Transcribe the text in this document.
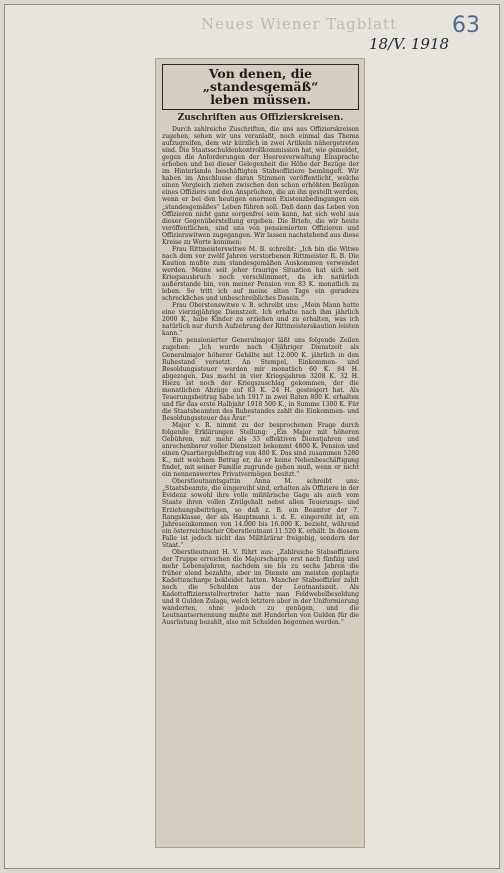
Neues Wiener Tagblatt 63
18/V. 1918
Von denen, die „standesgemäß“
leben müssen.
Zuschriften aus Offizierskreisen.

Durch zahlreiche Zuschriften, die uns aus Offizierskreisen zugehen, sehen wir uns veranlaßt, noch einmal das Thema aufzugreifen, dem wir kürzlich in zwei Artikeln nähergetreten sind. Die Staatsschuldenkontrollkommission hat, wie gemeldet, gegen die Anforderungen der Heeresverwaltung Einsprache erhoben und bei dieser Gelegenheit die Höhe der Bezüge der im Hinterlande beschäftigten Stabsoffiziere bemängelt. Wir haben im Anschlusse daran Stimmen veröffentlicht, welche einen Vergleich ziehen zwischen den schon erhöhten Bezügen eines Offiziers und den Ansprüchen, die an ihn gestellt werden, wenn er bei den heutigen enormen Existenzbedingungen ein „standesgemäßes“ Leben führen soll. Daß dann das Leben von Offizieren nicht ganz sorgenfrei sein kann, hat sich wohl aus dieser Gegenüberstellung ergeben. Die Briefe, die wir heute veröffentlichen, sind uns von pensionierten Offizieren und Offizierswitwen zugegangen. Wir lassen nachstehend aus diese Kreise zu Worte kommen:

Frau Rittmeisterswitwe M. B. schreibt: „Ich bin die Witwe nach dem vor zwölf Jahren verstorbenen Rittmeister R. B. Die Kaution mußte zum standesgemäßen Auskommen verwendet werden. Meine seit jeher traurige Situation hat sich seit Kriegsausbruch noch verschlimmert, da ich natürlich außerstande bin, von meiner Pension von 83 K. monatlich zu leben. So tritt ich auf meine alten Tage ein geradezu schreckliches und unbeschreibliches Dasein.“

Frau Oberstenswitwe v. B. schreibt uns: „Mein Mann hatte eine vierzigjährige Dienstzeit. Ich erhalte nach ihm jährlich 2000 K., habe Kinder zu erziehen und zu erhalten, was ich natürlich nur durch Aufzehrung der Rittmeisterskaution leisten kann.“

Ein pensionierter Generalmajor läßt uns folgende Zeilen zugehen: „Ich wurde nach 43jähriger Dienstzeit als Generalmajor höherer Gehälte mit 12.000 K. jährlich in den Ruhestand versetzt. An Stempel, Einkommen- und Besoldungssteuer werden mir monatlich 60 K. 84 H. abgezogen. Das macht in vier Kriegsjahren 3208 K. 32 H. Hiezu ist noch der Kriegszuschlag gekommen, der die monatlichen Abzüge auf 83 K. 24 H. gesteigert hat. Als Teuerungsbeitrag habe ich 1917 in zwei Raten 800 K. erhalten und für das erste Halbjahr 1918 500 K., in Summe 1300 K. Für die Staatsbeamten des Ruhestandes zahlt die Einkommen- und Besoldungssteuer das Ärar.“

Major v. R. nimmt zu der besprochenen Frage durch folgende Erklärungen Stellung: „Ein Major mit höheren Gebühren, mit mehr als 33 effektiven Dienstjahren und anrechenbarer voller Dienstzeit bekommt 4800 K. Pension und einen Quartiergeldbeitrag von 480 K. Das sind zusammen 5280 K., mit welchem Betrag er, da er keine Nebenbeschäftigung findet, mit seiner Familie zugrunde gehen muß, wenn er nicht ein nennenswertes Privatvermögen besitzt.“

Oberstleutnantsgattin Anna M. schreibt uns: „Staatsbeamte, die eingereiht sind, erhalten als Offiziere in der Evidenz sowohl ihre volle militärische Gage als auch vom Staate ihren vollen Zivilgehalt nebst allen Teuerungs- und Erziehungsbeiträgen, so daß z. B. ein Beamter der 7. Rangsklasse, der als Hauptmann i. d. E. eingereiht ist, ein Jahreseinkommen von 14.000 bis 16.000 K. bezieht, während ein österreichischer Oberstleutnant 11.520 K. erhält. In diesem Falle ist jedoch nicht das Militärärar freigebig, sondern der Staat.“

Oberstleutnant H. V. führt aus: „Zahlreiche Stabsoffiziere der Truppe erreichen die Majorscharge erst nach fünfzig und mehr Lebensjahren, nachdem sie bis zu sechs Jahren die früher elend bezahlte, aber im Dienste am meisten geplagte Kadettencharge bekleidet hatten. Mancher Stabsoffizier zahlt noch die Schulden aus der Leutnantszeit. Als Kadettoffiziersstellvertreter hatte man Feldwebelbesoldung und 8 Gulden Zulage, welch letztere aber in der Uniformierung wanderten, ohne jedoch zu genügen, und die Leutnantsernennung mußte mit Hunderten von Gulden für die Ausrüstung bezahlt, also mit Schulden begonnen werden.“
